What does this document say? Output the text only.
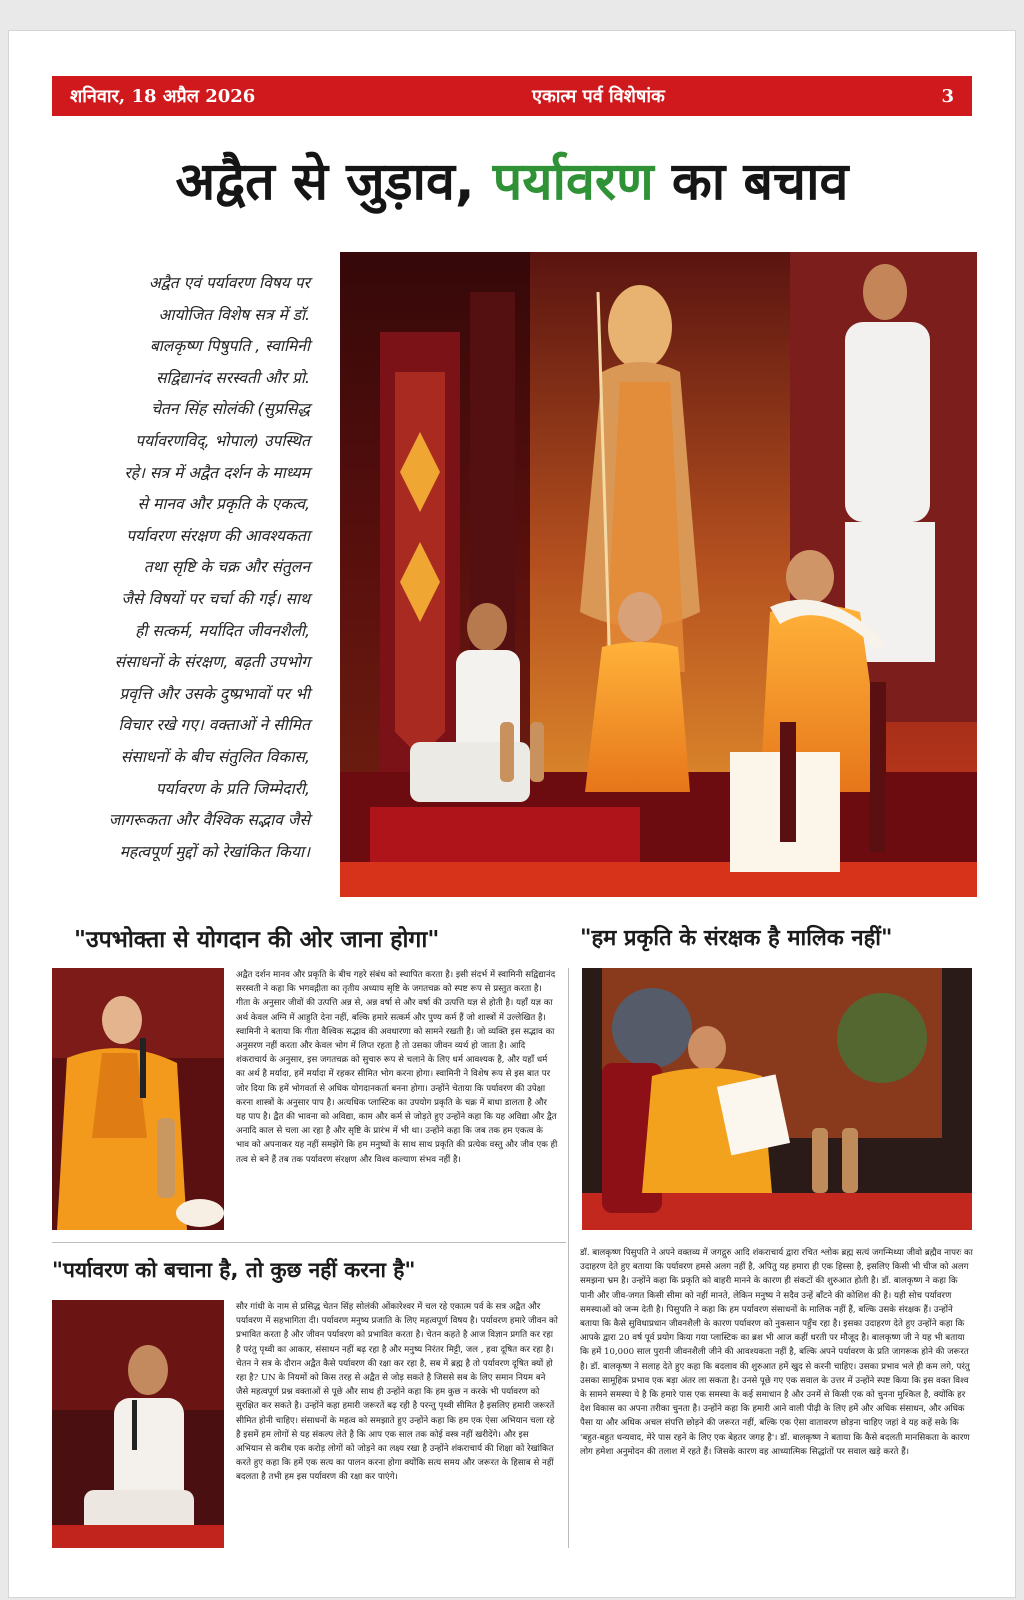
शनिवार, 18 अप्रैल 2026	एकात्म पर्व विशेषांक	3
अद्वैत से जुड़ाव, पर्यावरण का बचाव
अद्वैत एवं पर्यावरण विषय पर
आयोजित विशेष सत्र में डॉ.
बालकृष्ण पिषुपति , स्वामिनी
सद्विद्यानंद सरस्वती और प्रो.
चेतन सिंह सोलंकी (सुप्रसिद्ध
पर्यावरणविद्, भोपाल) उपस्थित
रहे। सत्र में अद्वैत दर्शन के माध्यम
से मानव और प्रकृति के एकत्व,
पर्यावरण संरक्षण की आवश्यकता
तथा सृष्टि के चक्र और संतुलन
जैसे विषयों पर चर्चा की गई। साथ
ही सत्कर्म, मर्यादित जीवनशैली,
संसाधनों के संरक्षण, बढ़ती उपभोग
प्रवृत्ति और उसके दुष्प्रभावों पर भी
विचार रखे गए। वक्ताओं ने सीमित
संसाधनों के बीच संतुलित विकास,
पर्यावरण के प्रति जिम्मेदारी,
जागरूकता और वैश्विक सद्भाव जैसे
महत्वपूर्ण मुद्दों को रेखांकित किया।
"उपभोक्ता से योगदान की ओर जाना होगा"	"हम प्रकृति के संरक्षक है मालिक नहीं"
अद्वैत दर्शन मानव और प्रकृति के बीच गहरे संबंध को स्थापित करता है। इसी संदर्भ में स्वामिनी सद्विद्यानंद सरस्वती ने कहा कि भगवद्गीता का तृतीय अध्याय सृष्टि के जगतचक्र को स्पष्ट रूप से प्रस्तुत करता है। गीता के अनुसार जीवों की उत्पत्ति अन्न से, अन्न वर्षा से और वर्षा की उत्पत्ति यज्ञ से होती है। यहाँ यज्ञ का अर्थ केवल अग्नि में आहुति देना नहीं, बल्कि हमारे सत्कर्म और पुण्य कर्म हैं जो शास्त्रों में उल्लेखित है। स्वामिनी ने बताया कि गीता वैश्विक सद्भाव की अवधारणा को सामने रखती है। जो व्यक्ति इस सद्भाव का अनुसरण नहीं करता और केवल भोग में लिप्त रहता है तो उसका जीवन व्यर्थ हो जाता है। आदि शंकराचार्य के अनुसार, इस जगतचक्र को सुचारु रूप से चलाने के लिए धर्म आवश्यक है, और यहाँ धर्म का अर्थ है मर्यादा, हमें मर्यादा में रहकर सीमित भोग करना होगा। स्वामिनी ने विशेष रूप से इस बात पर जोर दिया कि हमें भोगवर्ता से अधिक योगदानकर्ता बनना होगा। उन्होंने चेताया कि पर्यावरण की उपेक्षा करना शास्त्रों के अनुसार पाप है। अत्यधिक प्लास्टिक का उपयोग प्रकृति के चक्र में बाधा डालता है और यह पाप है। द्वैत की भावना को अविद्या, काम और कर्म से जोड़ते हुए उन्होंने कहा कि यह अविद्या और द्वैत अनादि काल से चला आ रहा है और सृष्टि के प्रारंभ में भी था। उन्होंने कहा कि जब तक हम एकत्व के भाव को अपनाकर यह नहीं समझेंगे कि हम मनुष्यों के साथ साथ प्रकृति की प्रत्येक वस्तु और जीव एक ही तत्व से बने हैं तब तक पर्यावरण संरक्षण और विश्व कल्याण संभव नहीं है।
डॉ. बालकृष्ण पिसुपति ने अपने वक्तव्य में जगद्गुरु आदि शंकराचार्य द्वारा रचित श्लोक ब्रह्म सत्यं जगन्मिथ्या जीवो ब्रह्मैव नापरः का उदाहरण देते हुए बताया कि पर्यावरण हमसे अलग नहीं है, अपितु यह हमारा ही एक हिस्सा है, इसलिए किसी भी चीज को अलग समझना भ्रम है। उन्होंने कहा कि प्रकृति को बाहरी मानने के कारण ही संकटों की शुरुआत होती है। डॉ. बालकृष्ण ने कहा कि पानी और जीव-जगत किसी सीमा को नहीं मानते, लेकिन मनुष्य ने सदैव उन्हें बाँटने की कोशिश की है। यही सोच पर्यावरण समस्याओं को जन्म देती है। पिसुपति ने कहा कि हम पर्यावरण संसाधनों के मालिक नहीं हैं, बल्कि उसके संरक्षक हैं। उन्होंने बताया कि कैसे सुविधाप्रधान जीवनशैली के कारण पर्यावरण को नुकसान पहुँच रहा है। इसका उदाहरण देते हुए उन्होंने कहा कि आपके द्वारा 20 वर्ष पूर्व प्रयोग किया गया प्लास्टिक का ब्रश भी आज कहीं धरती पर मौजूद है। बालकृष्ण जी ने यह भी बताया कि हमें 10,000 साल पुरानी जीवनशैली जीने की आवश्यकता नहीं है, बल्कि अपने पर्यावरण के प्रति जागरूक होने की जरूरत है। डॉ. बालकृष्ण ने सलाह देते हुए कहा कि बदलाव की शुरुआत हमें खुद से करनी चाहिए। उसका प्रभाव भले ही कम लगे, परंतु उसका सामूहिक प्रभाव एक बड़ा अंतर ला सकता है। उनसे पूछे गए एक सवाल के उत्तर में उन्होंने स्पष्ट किया कि इस वक्त विश्व के सामने समस्या ये है कि हमारे पास एक समस्या के कई समाधान है और उनमें से किसी एक को चुनना मुश्किल है, क्योंकि हर देश विकास का अपना तरीका चुनता है। उन्होंने कहा कि हमारी आने वाली पीढ़ी के लिए हमें और अधिक संसाधन, और अधिक पैसा या और अधिक अचल संपत्ति छोड़ने की जरूरत नहीं, बल्कि एक ऐसा वातावरण छोड़ना चाहिए जहां वे यह कहें सके कि 'बहुत-बहुत धन्यवाद, मेरे पास रहने के लिए एक बेहतर जगह है'। डॉ. बालकृष्ण ने बताया कि कैसे बदलती मानसिकता के कारण लोग हमेशा अनुमोदन की तलाश में रहते हैं। जिसके कारण वह आध्यात्मिक सिद्धांतों पर सवाल खड़े करते हैं।
"पर्यावरण को बचाना है, तो कुछ नहीं करना है"
सौर गांधी के नाम से प्रसिद्ध चेतन सिंह सोलंकी ओंकारेश्वर में चल रहे एकात्म पर्व के सत्र अद्वैत और पर्यावरण में सहभागिता दी। पर्यावरण मनुष्य प्रजाति के लिए महत्वपूर्ण विषय है। पर्यावरण हमारे जीवन को प्रभावित करता है और जीवन पर्यावरण को प्रभावित करता है। चेतन कहते है आज विज्ञान प्रगति कर रहा है परंतु पृथ्वी का आकार, संसाधन नहीं बढ़ रहा है और मनुष्य निरंतर मिट्टी, जल , हवा दूषित कर रहा है। चेतन ने सत्र के दौरान अद्वैत कैसे पर्यावरण की रक्षा कर रहा है, सब में ब्रह्म है तो पर्यावरण दूषित क्यों हो रहा है? UN के नियमों को किस तरह से अद्वैत से जोड़ सकते है जिससे सब के लिए समान नियम बने जैसे महत्वपूर्ण प्रश्न वक्ताओं से पूछे और साथ ही उन्होंने कहा कि हम कुछ न करके भी पर्यावरण को सुरक्षित कर सकते है। उन्होंने कहा हमारी जरूरतें बढ़ रही है परन्तु पृथ्वी सीमित है इसलिए हमारी जरूरतें सीमित होनी चाहिए। संसाधनों के महत्व को समझाते हुए उन्होंने कहा कि हम एक ऐसा अभियान चला रहे है इसमें हम लोगों से यह संकल्प लेते है कि आप एक साल तक कोई वस्त्र नहीं खरीदेंगे। और इस अभियान से करीब एक करोड़ लोगों को जोड़ने का लक्ष्य रखा है उन्होंने शंकराचार्य की शिक्षा को रेखांकित करते हुए कहा कि हमें एक सत्य का पालन करना होगा क्योंकि सत्य समय और जरूरत के हिसाब से नहीं बदलता है तभी हम इस पर्यावरण की रक्षा कर पाएंगे।
